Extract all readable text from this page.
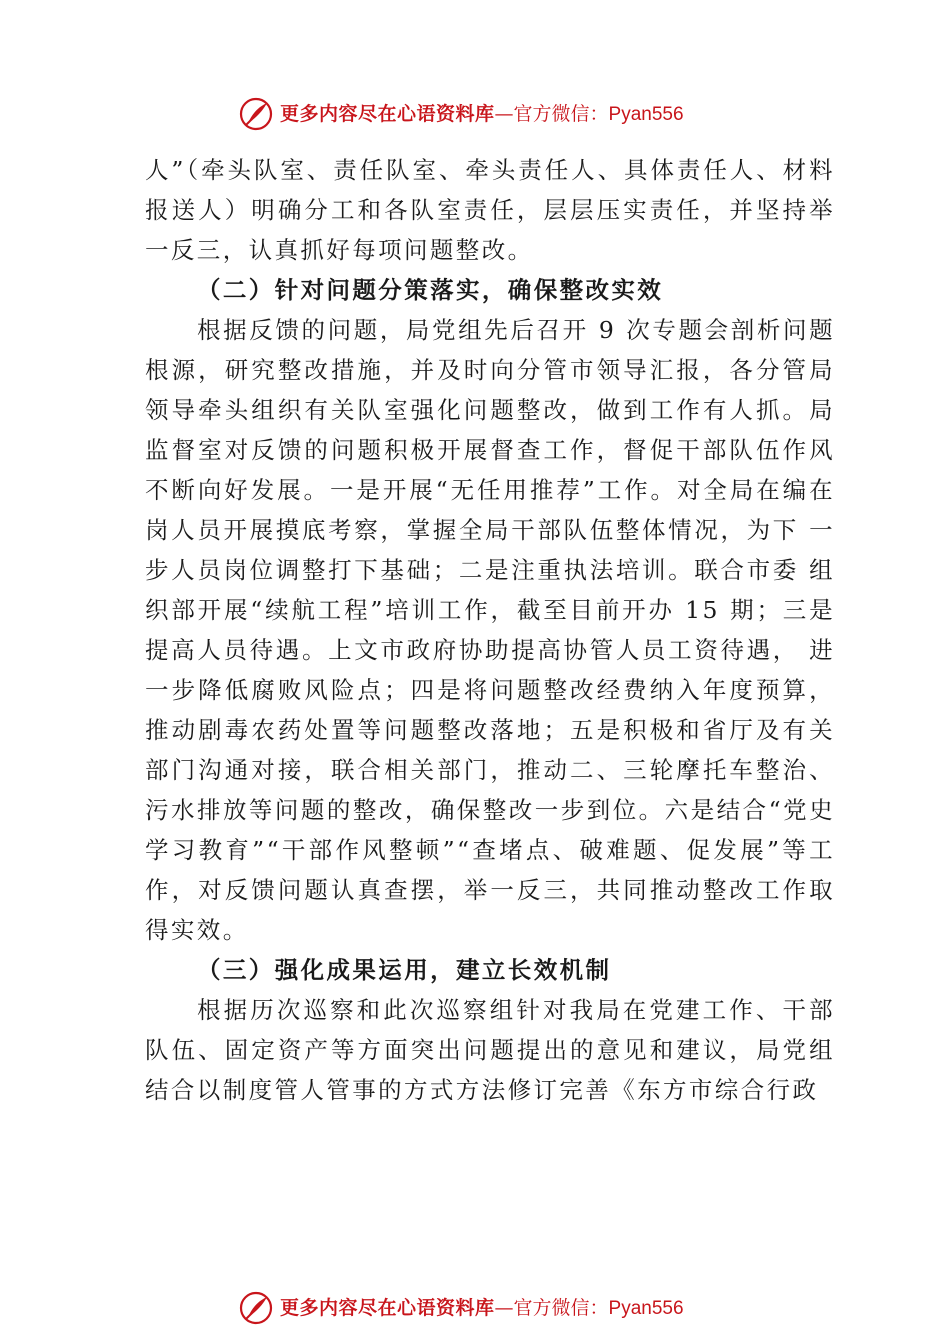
更多内容尽在心语资料库—官方微信：Pyan556

人”（牵头队室、责任队室、牵头责任人、具体责任人、材料报送人）明确分工和各队室责任，层层压实责任，并坚持举一反三，认真抓好每项问题整改。

（二）针对问题分策落实，确保整改实效

根据反馈的问题，局党组先后召开 9 次专题会剖析问题根源，研究整改措施，并及时向分管市领导汇报，各分管局 领导牵头组织有关队室强化问题整改，做到工作有人抓。局 监督室对反馈的问题积极开展督查工作，督促干部队伍作风 不断向好发展。一是开展“无任用推荐”工作。对全局在编在岗人员开展摸底考察，掌握全局干部队伍整体情况，为下 一步人员岗位调整打下基础；二是注重执法培训。联合市委 组织部开展“续航工程”培训工作，截至目前开办 15 期；三是提高人员待遇。上文市政府协助提高协管人员工资待遇， 进一步降低腐败风险点；四是将问题整改经费纳入年度预算， 推动剧毒农药处置等问题整改落地；五是积极和省厅及有关部门沟通对接，联合相关部门，推动二、三轮摩托车整治、污水排放等问题的整改，确保整改一步到位。六是结合“党史学习教育”“干部作风整顿”“查堵点、破难题、促发展”等工作，对反馈问题认真查摆，举一反三，共同推动整改工作取得实效。

（三）强化成果运用，建立长效机制

根据历次巡察和此次巡察组针对我局在党建工作、干部队伍、固定资产等方面突出问题提出的意见和建议，局党组结合以制度管人管事的方式方法修订完善《东方市综合行政

更多内容尽在心语资料库—官方微信：Pyan556
